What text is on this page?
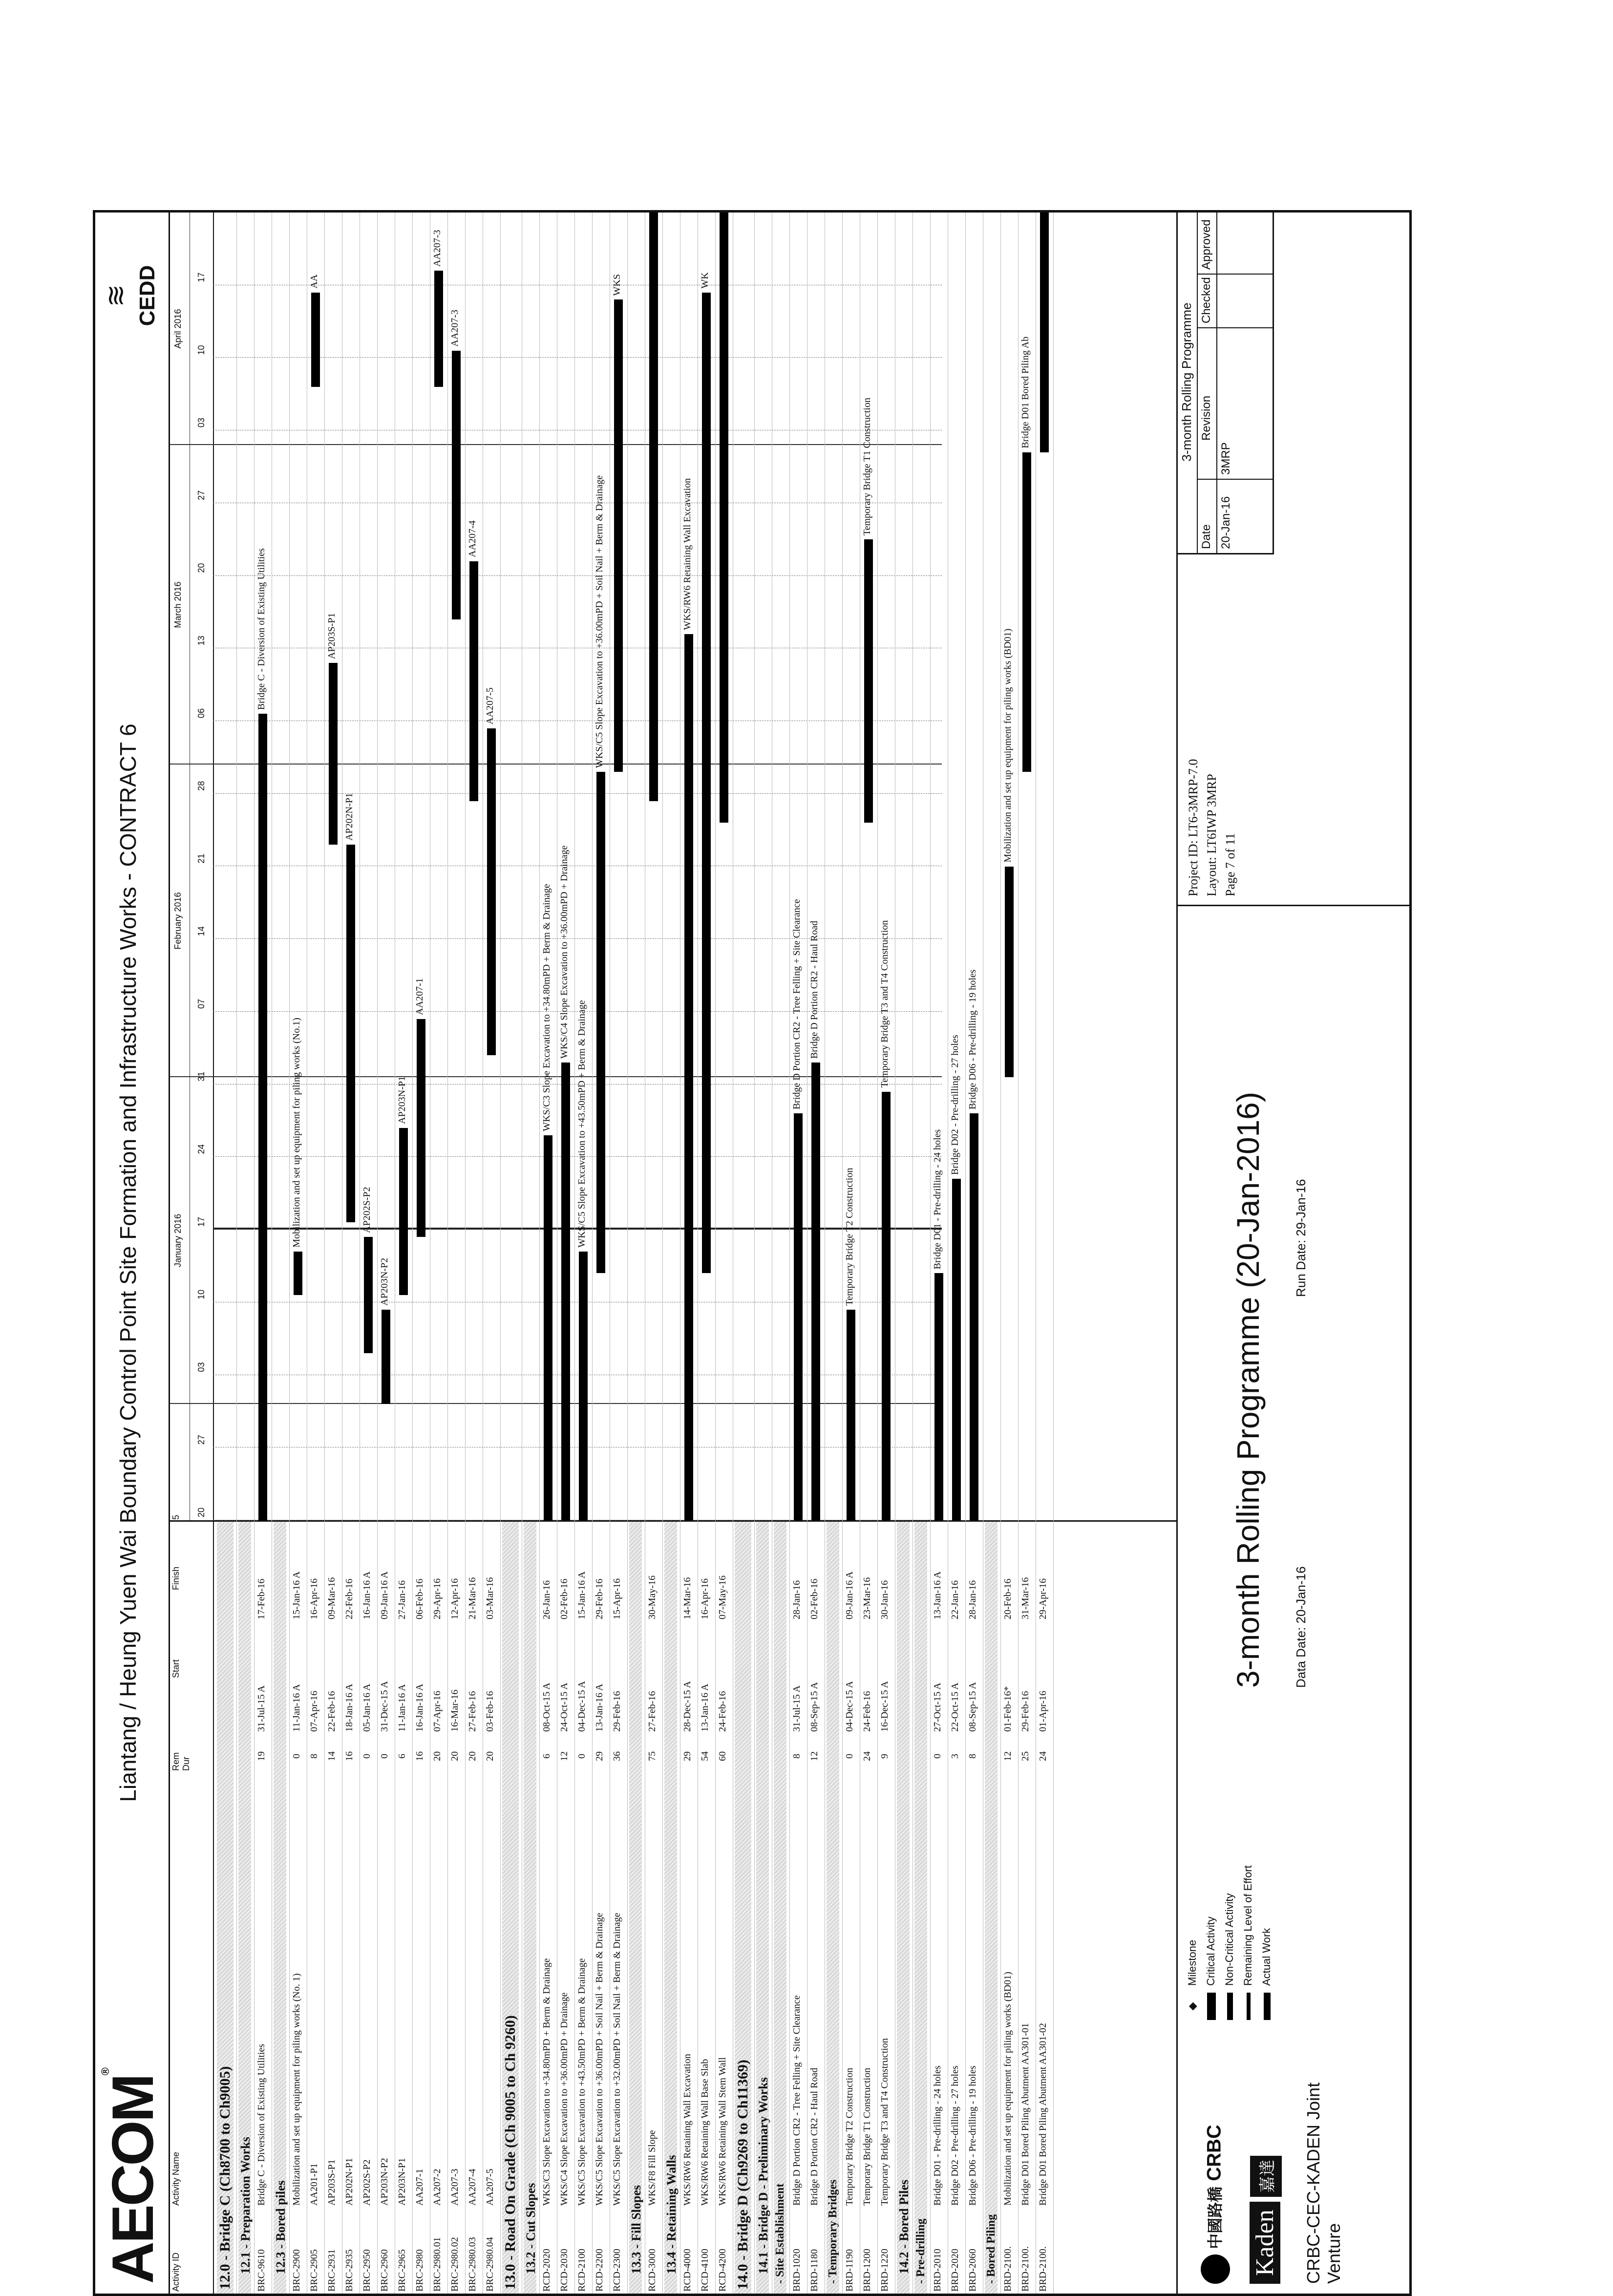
AECOM®
Liantang / Heung Yuen Wai Boundary Control Point Site Formation and Infrastructure Works - CONTRACT 6
≋ CEDD
Activity ID
Activity Name
Rem Dur
Start
Finish
5
January 2016
February 2016
March 2016
April 2016
20
27
03
10
17
24
31
07
14
21
28
06
13
20
27
03
10
17
12.0 - Bridge C (Ch8700 to Ch9005) 12.1 - Preparation Works BRC-9610
Bridge C - Diversion of Existing Utilities
19
31-Jul-15 A
17-Feb-16
Bridge C - Diversion of Existing Utilities
12.3 - Bored piles BRC-2900
Mobilization and set up equipment for piling works (No. 1)
0
11-Jan-16 A
15-Jan-16 A
Mobilization and set up equipment for piling works (No.1)
BRC-2905
AA201-P1
8
07-Apr-16
16-Apr-16
AA
BRC-2931
AP203S-P1
14
22-Feb-16
09-Mar-16
AP203S-P1
BRC-2935
AP202N-P1
16
18-Jan-16 A
22-Feb-16
AP202N-P1
BRC-2950
AP202S-P2
0
05-Jan-16 A
16-Jan-16 A
AP202S-P2
BRC-2960
AP203N-P2
0
31-Dec-15 A
09-Jan-16 A
AP203N-P2
BRC-2965
AP203N-P1
6
11-Jan-16 A
27-Jan-16
AP203N-P1
BRC-2980
AA207-1
16
16-Jan-16 A
06-Feb-16
AA207-1
BRC-2980.01
AA207-2
20
07-Apr-16
29-Apr-16
AA207-3
BRC-2980.02
AA207-3
20
16-Mar-16
12-Apr-16
AA207-3
BRC-2980.03
AA207-4
20
27-Feb-16
21-Mar-16
AA207-4
BRC-2980.04
AA207-5
20
03-Feb-16
03-Mar-16
AA207-5
13.0 - Road On Grade (Ch 9005 to Ch 9260) 13.2 - Cut Slopes RCD-2020
WKS/C3 Slope Excavation to +34.80mPD + Berm & Drainage
6
08-Oct-15 A
26-Jan-16
WKS/C3 Slope Excavation to +34.80mPD + Berm & Drainage
RCD-2030
WKS/C4 Slope Excavation to +36.00mPD + Drainage
12
24-Oct-15 A
02-Feb-16
WKS/C4 Slope Excavation to +36.00mPD + Drainage
RCD-2100
WKS/C5 Slope Excavation to +43.50mPD + Berm & Drainage
0
04-Dec-15 A
15-Jan-16 A
WKS/C5 Slope Excavation to +43.50mPD + Berm & Drainage
RCD-2200
WKS/C5 Slope Excavation to +36.00mPD + Soil Nail + Berm & Drainage
29
13-Jan-16 A
29-Feb-16
WKS/C5 Slope Excavation to +36.00mPD + Soil Nail + Berm & Drainage
RCD-2300
WKS/C5 Slope Excavation to +32.00mPD + Soil Nail + Berm & Drainage
36
29-Feb-16
15-Apr-16
WKS
13.3 - Fill Slopes RCD-3000
WKS/F8 Fill Slope
75
27-Feb-16
30-May-16
13.4 - Retaining Walls RCD-4000
WKS/RW6 Retaining Wall Excavation
29
28-Dec-15 A
14-Mar-16
WKS/RW6 Retaining Wall Excavation
RCD-4100
WKS/RW6 Retaining Wall Base Slab
54
13-Jan-16 A
16-Apr-16
WK
RCD-4200
WKS/RW6 Retaining Wall Stem Wall
60
24-Feb-16
07-May-16
14.0 - Bridge D (Ch9269 to Ch11369) 14.1 - Bridge D - Preliminary Works - Site Establishment BRD-1020
Bridge D Portion CR2 - Tree Felling + Site Clearance
8
31-Jul-15 A
28-Jan-16
Bridge D Portion CR2 - Tree Felling + Site Clearance
BRD-1180
Bridge D Portion CR2 - Haul Road
12
08-Sep-15 A
02-Feb-16
Bridge D Portion CR2 - Haul Road
- Temporary Bridges BRD-1190
Temporary Bridge T2 Construction
0
04-Dec-15 A
09-Jan-16 A
Temporary Bridge T2 Construction
BRD-1200
Temporary Bridge T1 Construction
24
24-Feb-16
23-Mar-16
Temporary Bridge T1 Construction
BRD-1220
Temporary Bridge T3 and T4 Construction
9
16-Dec-15 A
30-Jan-16
Temporary Bridge T3 and T4 Construction
14.2 - Bored Piles - Pre-drilling BRD-2010
Bridge D01 - Pre-drilling - 24 holes
0
27-Oct-15 A
13-Jan-16 A
Bridge D01 - Pre-drilling - 24 holes
BRD-2020
Bridge D02 - Pre-drilling - 27 holes
3
22-Oct-15 A
22-Jan-16
Bridge D02 - Pre-drilling - 27 holes
BRD-2060
Bridge D06 - Pre-drilling - 19 holes
8
08-Sep-15 A
28-Jan-16
Bridge D06 - Pre-drilling - 19 holes
- Bored Piling BRD-2100.
Mobilization and set up equipment for piling works (BD01)
12
01-Feb-16*
20-Feb-16
Mobilization and set up equipment for piling works (BD01)
BRD-2100.
Bridge D01 Bored Piling Abutment AA301-01
25
29-Feb-16
31-Mar-16
Bridge D01 Bored Piling Ab
BRD-2100.
Bridge D01 Bored Piling Abutment AA301-02
24
01-Apr-16
29-Apr-16
◆Milestone Critical Activity Non-Critical Activity Remaining Level of Effort Actual Work
中國路橋 CRBC
Kaden 嘉達 CRBC-CEC-KADEN Joint Venture
3-month Rolling Programme (20-Jan-2016) Data Date: 20-Jan-16
Run Date: 29-Jan-16
Project ID: LT6-3MRP-7.0 Layout: LT6IWP 3MRP Page 7 of 11
3-month Rolling Programme
Date
Revision
Checked
Approved
20-Jan-16
3MRP
